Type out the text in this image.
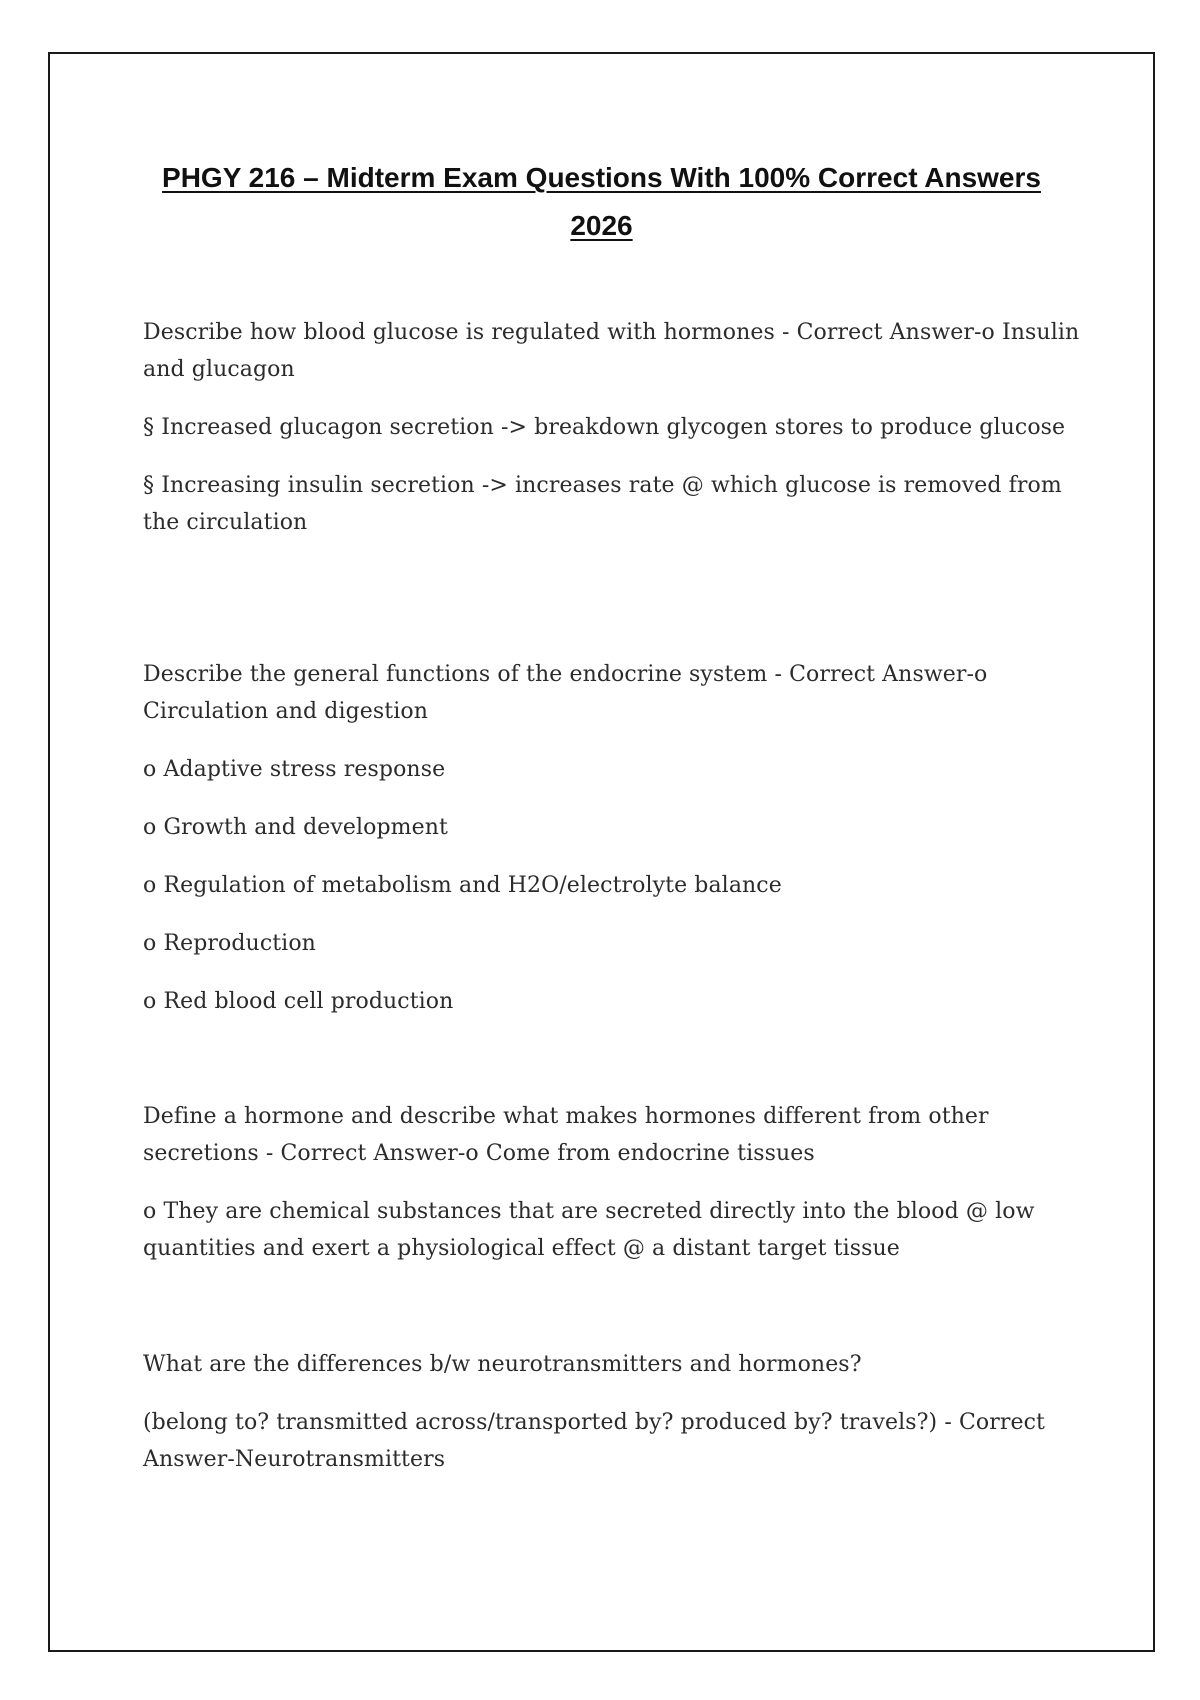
PHGY 216 – Midterm Exam Questions With 100% Correct Answers
2026

Describe how blood glucose is regulated with hormones - Correct Answer-o Insulin and glucagon

§ Increased glucagon secretion -> breakdown glycogen stores to produce glucose

§ Increasing insulin secretion -> increases rate @ which glucose is removed from the circulation

Describe the general functions of the endocrine system - Correct Answer-o Circulation and digestion

o Adaptive stress response

o Growth and development

o Regulation of metabolism and H2O/electrolyte balance

o Reproduction

o Red blood cell production

Define a hormone and describe what makes hormones different from other secretions - Correct Answer-o Come from endocrine tissues

o They are chemical substances that are secreted directly into the blood @ low quantities and exert a physiological effect @ a distant target tissue

What are the differences b/w neurotransmitters and hormones?

(belong to? transmitted across/transported by? produced by? travels?) - Correct Answer-Neurotransmitters
